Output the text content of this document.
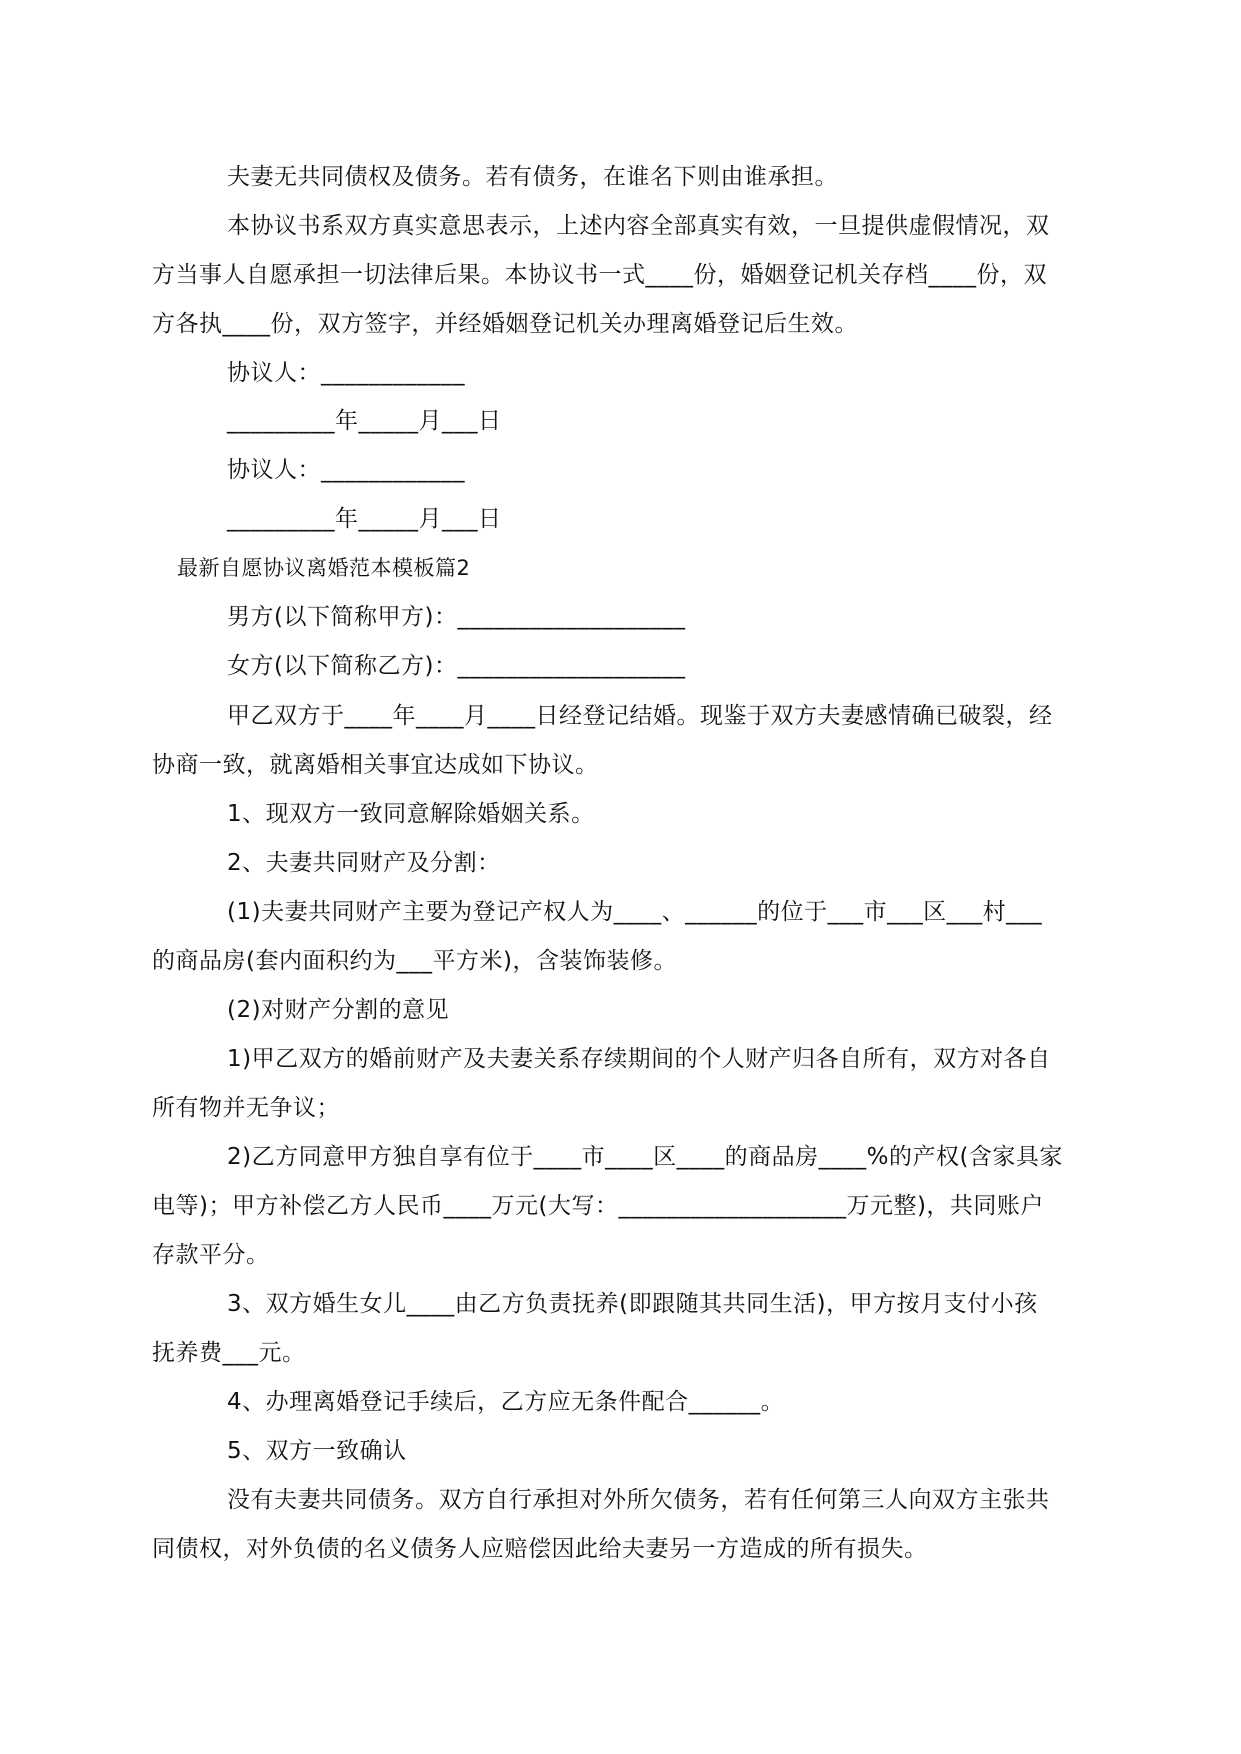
夫妻无共同债权及债务。若有债务，在谁名下则由谁承担。
本协议书系双方真实意思表示，上述内容全部真实有效，一旦提供虚假情况，双
方当事人自愿承担一切法律后果。本协议书一式____份，婚姻登记机关存档____份，双
方各执____份，双方签字，并经婚姻登记机关办理离婚登记后生效。
协议人：____________
_________年_____月___日
协议人：____________
_________年_____月___日
最新自愿协议离婚范本模板篇2
男方(以下简称甲方)：___________________
女方(以下简称乙方)：___________________
甲乙双方于____年____月____日经登记结婚。现鉴于双方夫妻感情确已破裂，经
协商一致，就离婚相关事宜达成如下协议。
1、现双方一致同意解除婚姻关系。
2、夫妻共同财产及分割：
(1)夫妻共同财产主要为登记产权人为____、______的位于___市___区___村___
的商品房(套内面积约为___平方米)，含装饰装修。
(2)对财产分割的意见
1)甲乙双方的婚前财产及夫妻关系存续期间的个人财产归各自所有，双方对各自
所有物并无争议；
2)乙方同意甲方独自享有位于____市____区____的商品房____%的产权(含家具家
电等)；甲方补偿乙方人民币____万元(大写：___________________万元整)，共同账户
存款平分。
3、双方婚生女儿____由乙方负责抚养(即跟随其共同生活)，甲方按月支付小孩
抚养费___元。
4、办理离婚登记手续后，乙方应无条件配合______。
5、双方一致确认
没有夫妻共同债务。双方自行承担对外所欠债务，若有任何第三人向双方主张共
同债权，对外负债的名义债务人应赔偿因此给夫妻另一方造成的所有损失。
